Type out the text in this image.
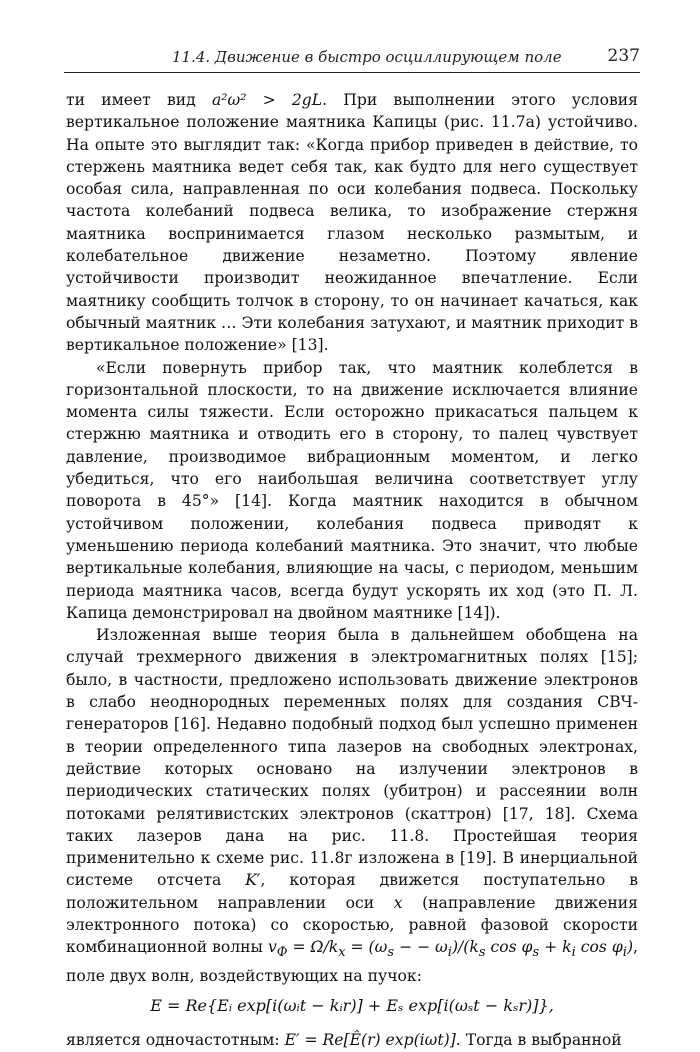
11.4. Движение в быстро осциллирующем поле	237

ти имеет вид a²ω² > 2gL. При выполнении этого условия вертикальное положение маятника Капицы (рис. 11.7а) устойчиво. На опыте это выглядит так: «Когда прибор приведен в действие, то стержень маятника ведет себя так, как будто для него существует особая сила, направленная по оси колебания подвеса. Поскольку частота колебаний подвеса велика, то изображение стержня маятника воспринимается глазом несколько размытым, и колебательное движение незаметно. Поэтому явление устойчивости производит неожиданное впечатление. Если маятнику сообщить толчок в сторону, то он начинает качаться, как обычный маятник … Эти колебания затухают, и маятник приходит в вертикальное положение» [13].

«Если повернуть прибор так, что маятник колеблется в горизонтальной плоскости, то на движение исключается влияние момента силы тяжести. Если осторожно прикасаться пальцем к стержню маятника и отводить его в сторону, то палец чувствует давление, производимое вибрационным моментом, и легко убедиться, что его наибольшая величина соответствует углу поворота в 45°» [14]. Когда маятник находится в обычном устойчивом положении, колебания подвеса приводят к уменьшению периода колебаний маятника. Это значит, что любые вертикальные колебания, влияющие на часы, с периодом, меньшим периода маятника часов, всегда будут ускорять их ход (это П. Л. Капица демонстрировал на двойном маятнике [14]).

Изложенная выше теория была в дальнейшем обобщена на случай трехмерного движения в электромагнитных полях [15]; было, в частности, предложено использовать движение электронов в слабо неоднородных переменных полях для создания СВЧ-генераторов [16]. Недавно подобный подход был успешно применен в теории определенного типа лазеров на свободных электронах, действие которых основано на излучении электронов в периодических статических полях (убитрон) и рассеянии волн потоками релятивистских электронов (скаттрон) [17, 18]. Схема таких лазеров дана на рис. 11.8. Простейшая теория применительно к схеме рис. 11.8г изложена в [19]. В инерциальной системе отсчета K′, которая движется поступательно в положительном направлении оси x (направление движения электронного потока) со скоростью, равной фазовой скорости комбинационной волны $v_Ф = \Omega/k_x = (\omega_s$ − − $\omega_i)/(k_s$ $\cos \varphi_s + k_i$ $\cos \varphi_i$), поле двух волн, воздействующих на пучок:

E = Re{Eᵢ exp[i(ωᵢt − kᵢr)] + Eₛ exp[i(ωₛt − kₛr)]},

является одночастотным: E′ = Re[Ê(r) exp(iωt)]. Тогда в выбранной
